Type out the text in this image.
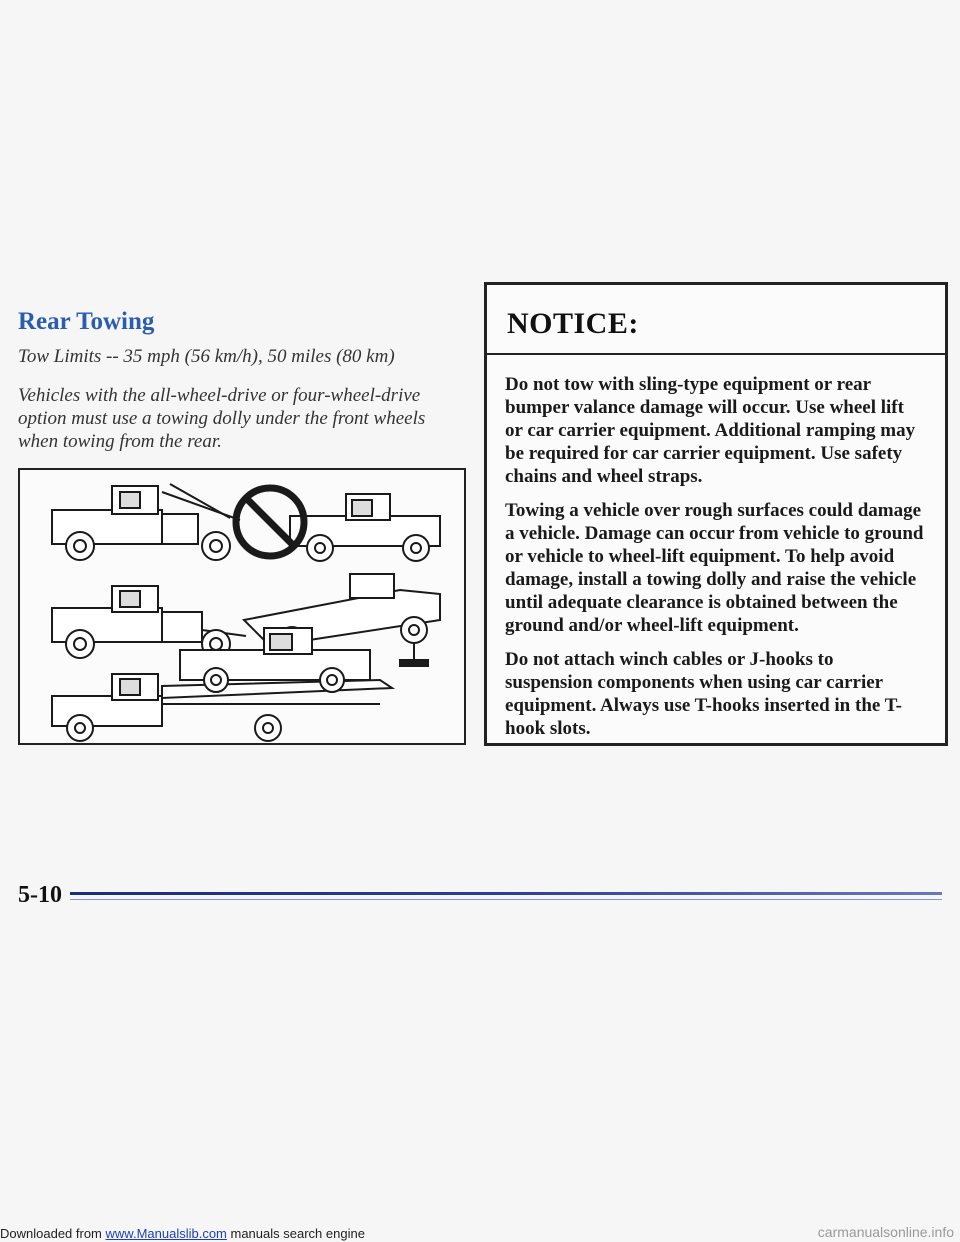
Rear Towing

Tow Limits -- 35 mph (56 km/h), 50 miles (80 km)

Vehicles with the all-wheel-drive or four-wheel-drive option must use a towing dolly under the front wheels when towing from the rear.

NOTICE:

Do not tow with sling-type equipment or rear bumper valance damage will occur. Use wheel lift or car carrier equipment. Additional ramping may be required for car carrier equipment. Use safety chains and wheel straps.

Towing a vehicle over rough surfaces could damage a vehicle. Damage can occur from vehicle to ground or vehicle to wheel-lift equipment. To help avoid damage, install a towing dolly and raise the vehicle until adequate clearance is obtained between the ground and/or wheel-lift equipment.

Do not attach winch cables or J-hooks to suspension components when using car carrier equipment. Always use T-hooks inserted in the T-hook slots.

5-10

Downloaded from www.Manualslib.com manuals search engine	carmanualsonline.info
